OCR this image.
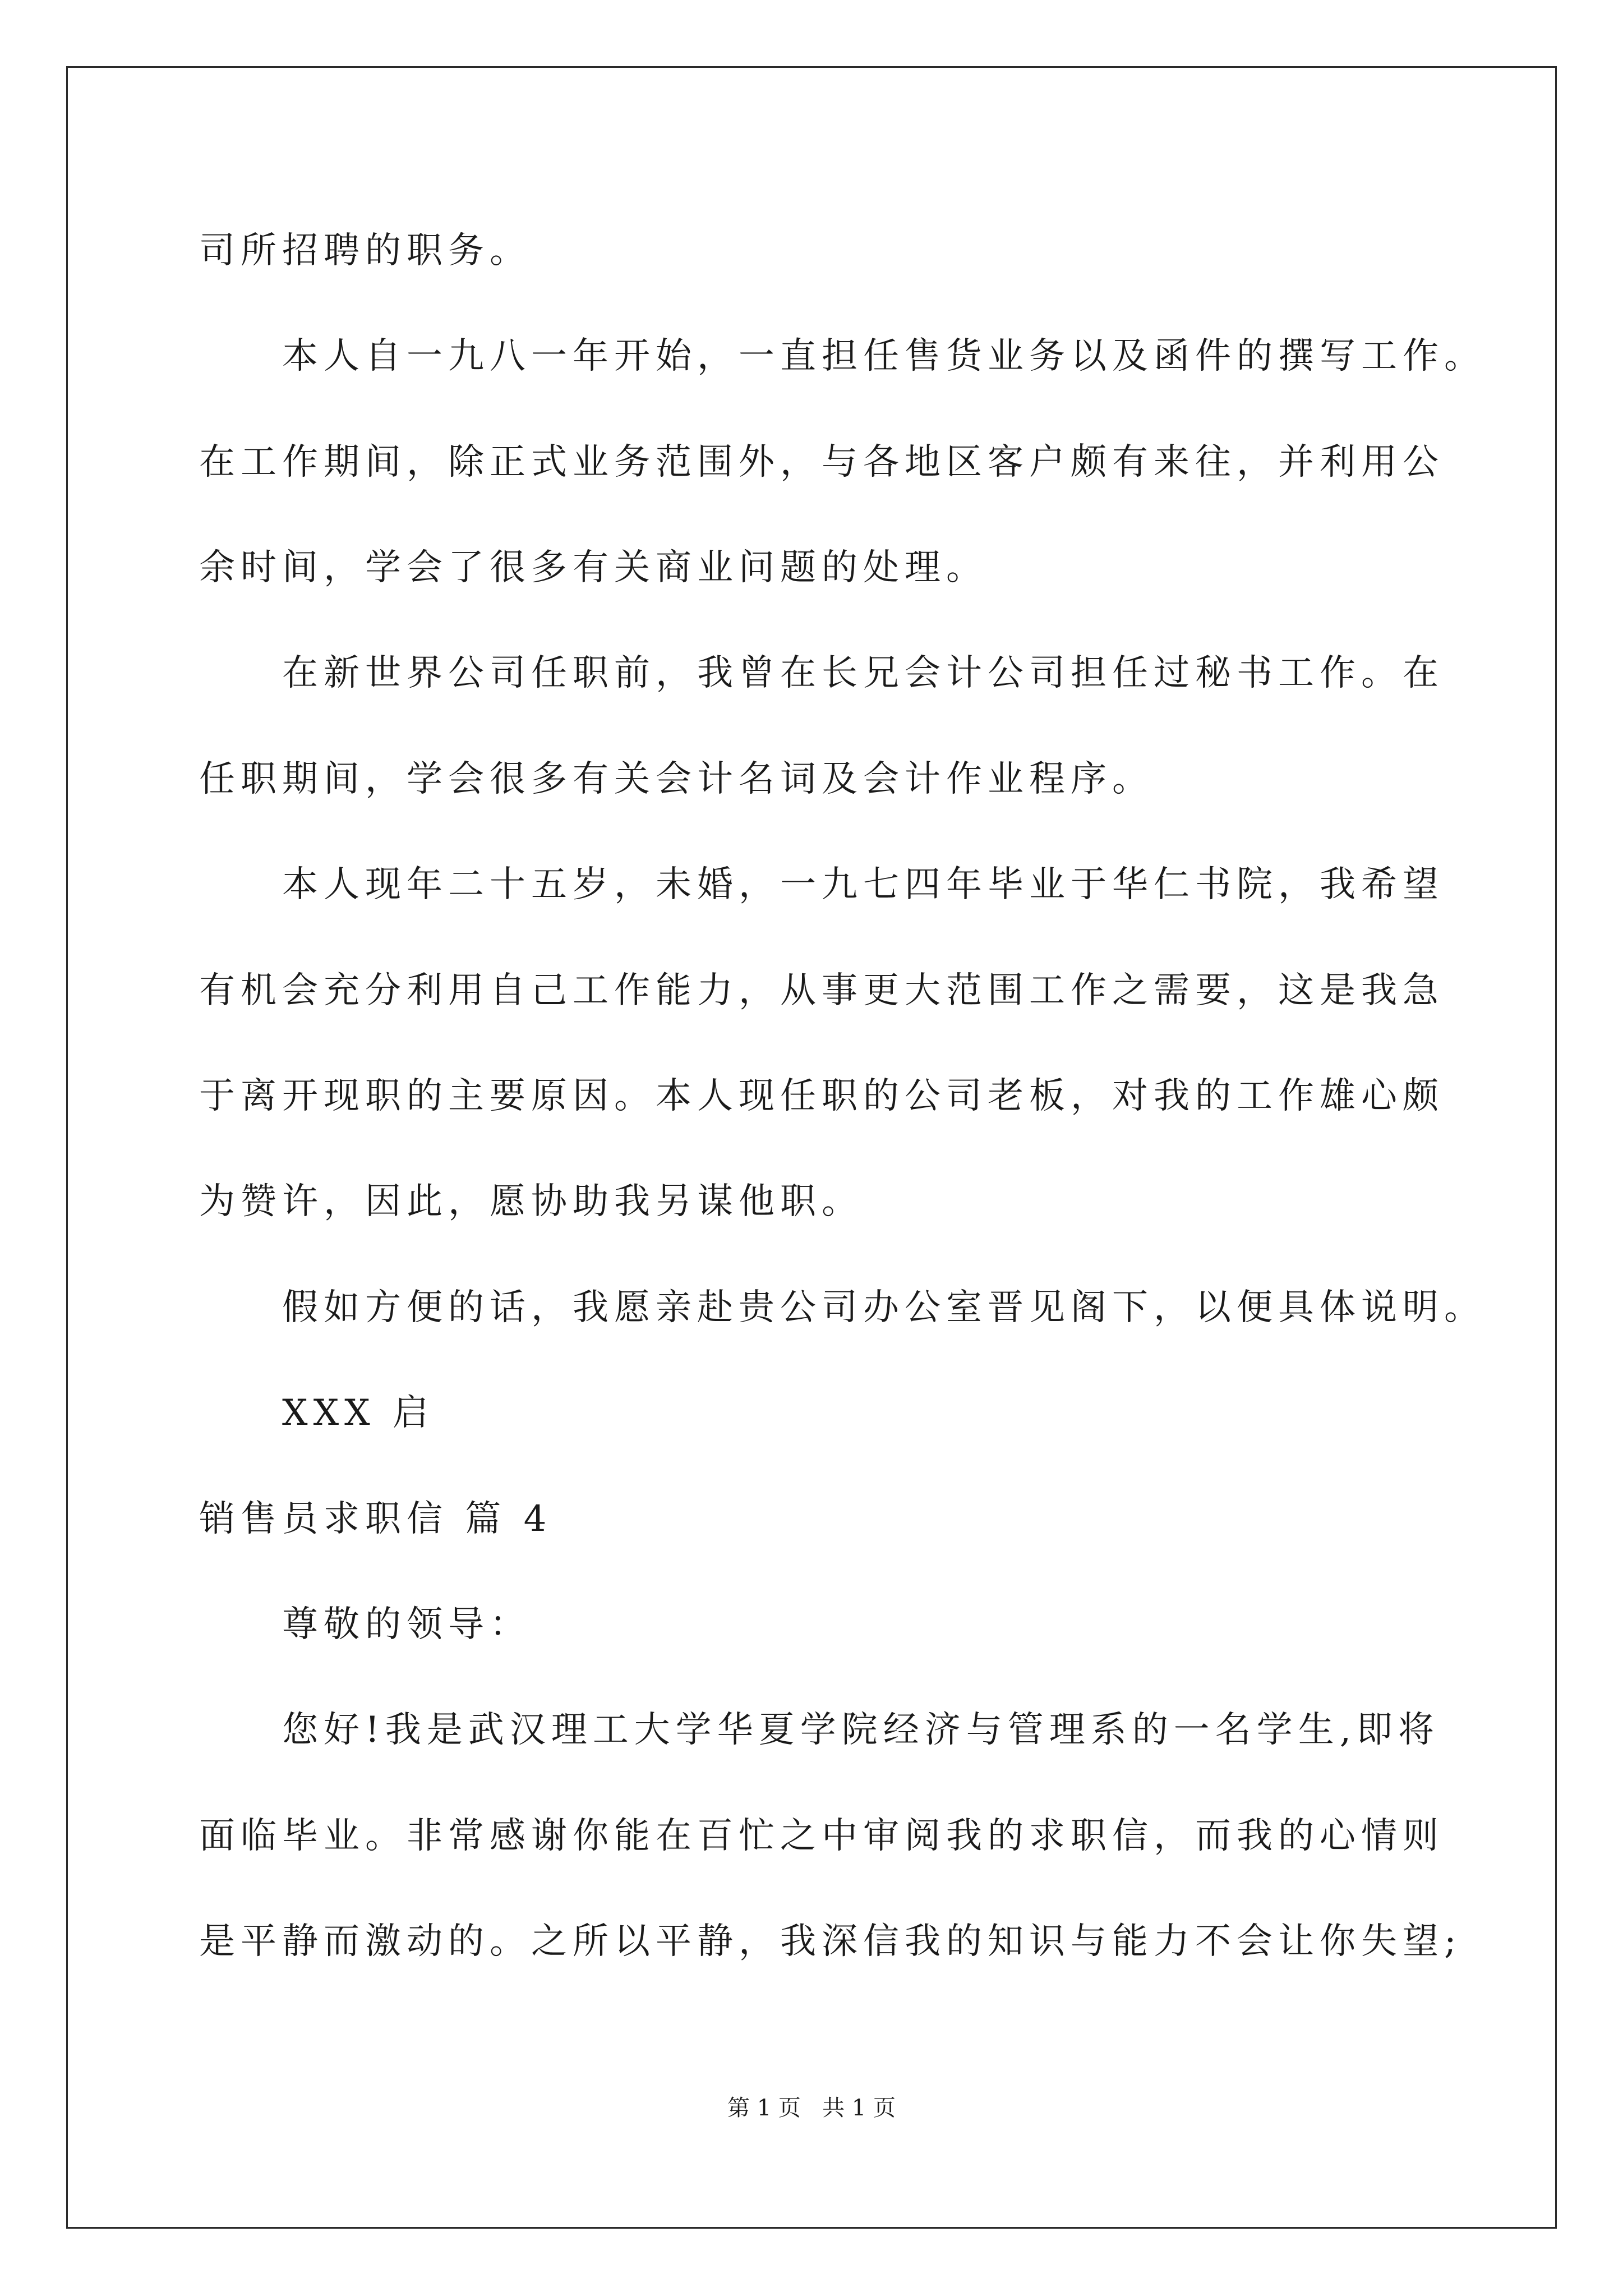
司所招聘的职务。
本人自一九八一年开始，一直担任售货业务以及函件的撰写工作。
在工作期间，除正式业务范围外，与各地区客户颇有来往，并利用公
余时间，学会了很多有关商业问题的处理。
在新世界公司任职前，我曾在长兄会计公司担任过秘书工作。在
任职期间，学会很多有关会计名词及会计作业程序。
本人现年二十五岁，未婚，一九七四年毕业于华仁书院，我希望
有机会充分利用自己工作能力，从事更大范围工作之需要，这是我急
于离开现职的主要原因。本人现任职的公司老板，对我的工作雄心颇
为赞许，因此，愿协助我另谋他职。
假如方便的话，我愿亲赴贵公司办公室晋见阁下，以便具体说明。
XXX 启
销售员求职信 篇 4
尊敬的领导：
您好!我是武汉理工大学华夏学院经济与管理系的一名学生,即将
面临毕业。非常感谢你能在百忙之中审阅我的求职信，而我的心情则
是平静而激动的。之所以平静，我深信我的知识与能力不会让你失望;
第 1 页   共 1 页
